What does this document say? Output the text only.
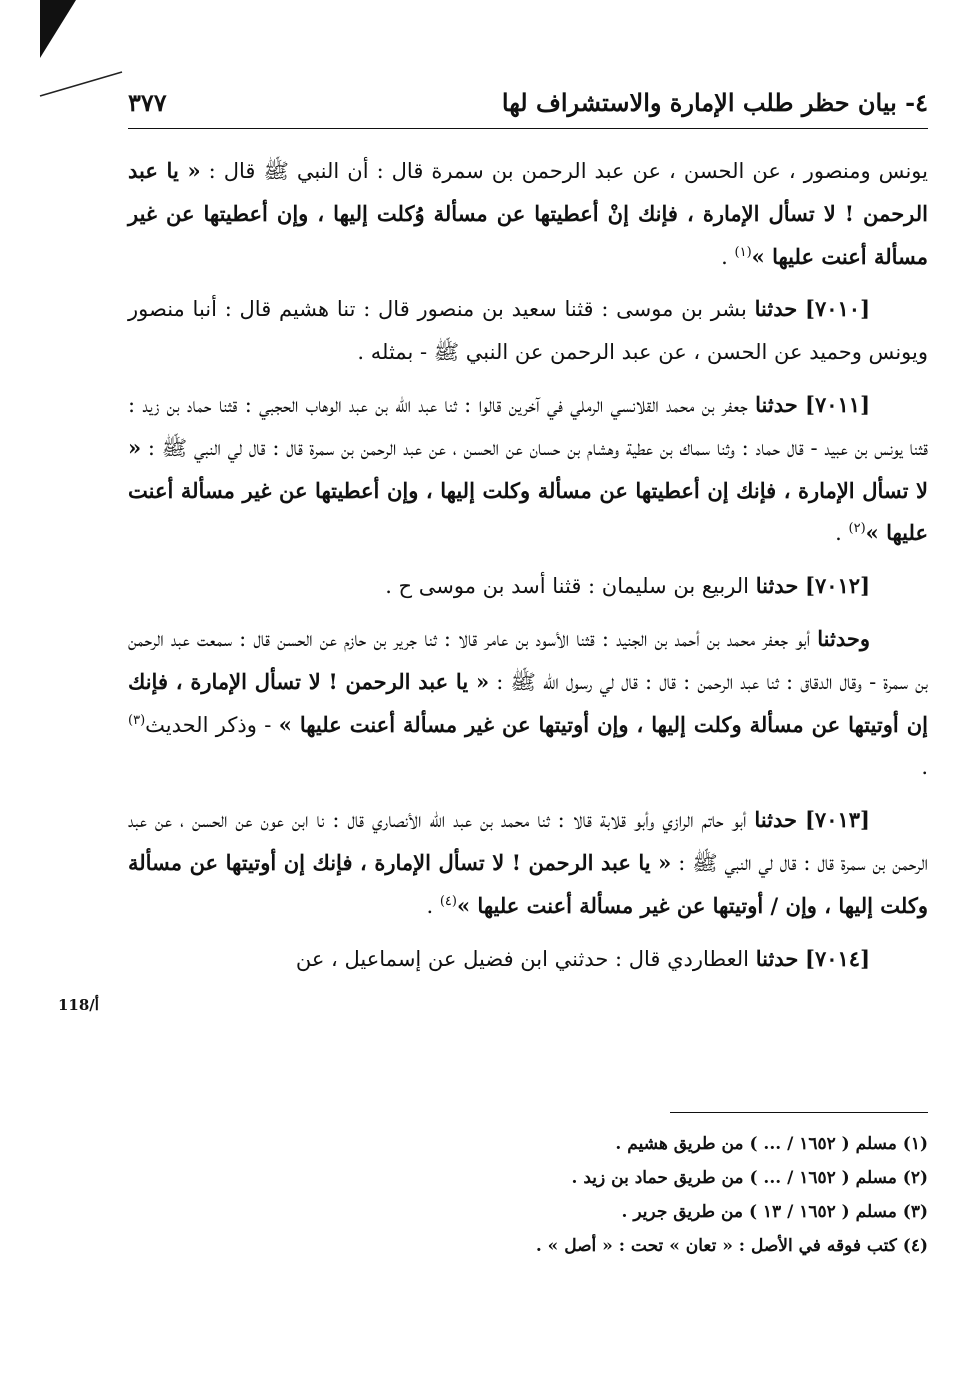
٤- بيان حظر طلب الإمارة والاستشراف لها
٣٧٧

يونس ومنصور ، عن الحسن ، عن عبد الرحمن بن سمرة قال : أن النبي ﷺ قال : « يا عبد الرحمن ! لا تسأل الإمارة ، فإنك إنْ أعطيتها عن مسألة وُكلت إليها ، وإن أعطيتها عن غير مسألة أعنت عليها »$^{(١)}$ .

[٧٠١٠] حدثنا بشر بن موسى : قثنا سعيد بن منصور قال : تنا هشيم قال : أنبا منصور ويونس وحميد عن الحسن ، عن عبد الرحمن عن النبي ﷺ - بمثله .

[٧٠١١] حدثنا جعفر بن محمد القلانسي الرملي في آخرين قالوا : ثنا عبد اللّٰه بن عبد الوهاب الحجبي : قثنا حماد بن زيد : قثنا يونس بن عبيد - قال حماد : وثنا سماك بن عطية وهشام بن حسان عن الحسن ، عن عبد الرحمن بن سمرة قال : قال لي النبي ﷺ : « لا تسأل الإمارة ، فإنك إن أعطيتها عن مسألة وكلت إليها ، وإن أعطيتها عن غير مسألة أعنت عليها »$^{(٢)}$ .

[٧٠١٢] حدثنا الربيع بن سليمان : قثنا أسد بن موسى ح .

وحدثنا أبو جعفر محمد بن أحمد بن الجنيد : قثنا الأسود بن عامر قالا : ثنا جرير بن حازم عن الحسن قال : سمعت عبد الرحمن بن سمرة - وقال الدقاق : ثنا عبد الرحمن : قال : قال لي رسول اللّٰه ﷺ : « يا عبد الرحمن ! لا تسأل الإمارة ، فإنك إن أوتيتها عن مسألة وكلت إليها ، وإن أوتيتها عن غير مسألة أعنت عليها » - وذكر الحديث$^{(٣)}$ .

[٧٠١٣] حدثنا أبو حاتم الرازي وأبو قلابة قالا : ثنا محمد بن عبد اللّٰه الأنصاري قال : نا ابن عون عن الحسن ، عن عبد الرحمن بن سمرة قال : قال لي النبي ﷺ : « يا عبد الرحمن ! لا تسأل الإمارة ، فإنك إن أوتيتها عن مسألة وكلت إليها ، وإن / أوتيتها عن غير مسألة أعنت عليها »$^{(٤)}$ .

[٧٠١٤] حدثنا العطاردي قال : حدثني ابن فضيل عن إسماعيل ، عن

118/أ
(١) مسلم ( ١٦٥٢ / ... ) من طريق هشيم .
(٢) مسلم ( ١٦٥٢ / ... ) من طريق حماد بن زيد .
(٣) مسلم ( ١٦٥٢ / ١٣ ) من طريق جرير .
(٤) كتب فوقه في الأصل : « تعان » تحت : « أصل » .
